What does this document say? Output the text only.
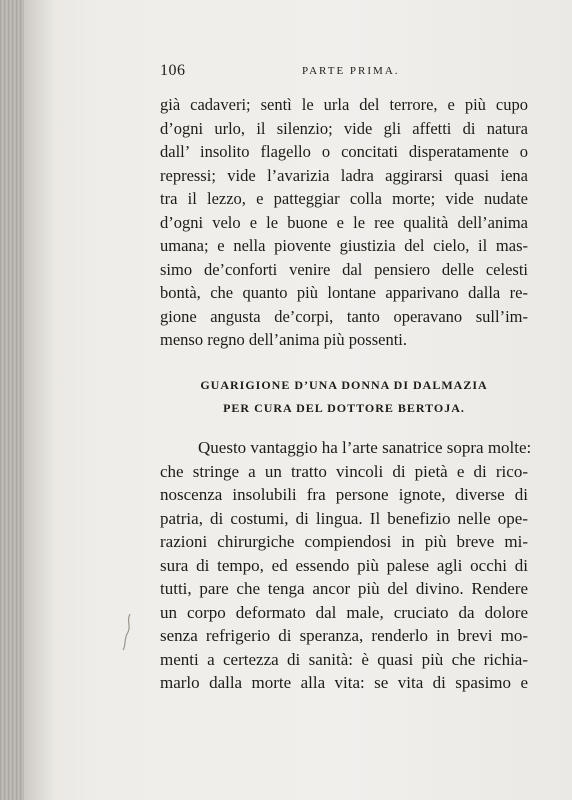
106	PARTE PRIMA.
già cadaveri; sentì le urla del terrore, e più cupo
d’ogni urlo, il silenzio; vide gli affetti di natura
dall’ insolito flagello o concitati disperatamente o
repressi; vide l’avarizia ladra aggirarsi quasi iena
tra il lezzo, e patteggiar colla morte; vide nudate
d’ogni velo e le buone e le ree qualità dell’anima
umana; e nella piovente giustizia del cielo, il mas-
simo de’conforti venire dal pensiero delle celesti
bontà, che quanto più lontane apparivano dalla re-
gione angusta de’corpi, tanto operavano sull’im-
menso regno dell’anima più possenti.
GUARIGIONE D’UNA DONNA DI DALMAZIA
PER CURA DEL DOTTORE BERTOJA.
Questo vantaggio ha l’arte sanatrice sopra molte:
che stringe a un tratto vincoli di pietà e di rico-
noscenza insolubili fra persone ignote, diverse di
patria, di costumi, di lingua. Il benefizio nelle ope-
razioni chirurgiche compiendosi in più breve mi-
sura di tempo, ed essendo più palese agli occhi di
tutti, pare che tenga ancor più del divino. Rendere
un corpo deformato dal male, cruciato da dolore
senza refrigerio di speranza, renderlo in brevi mo-
menti a certezza di sanità: è quasi più che richia-
marlo dalla morte alla vita: se vita di spasimo e
